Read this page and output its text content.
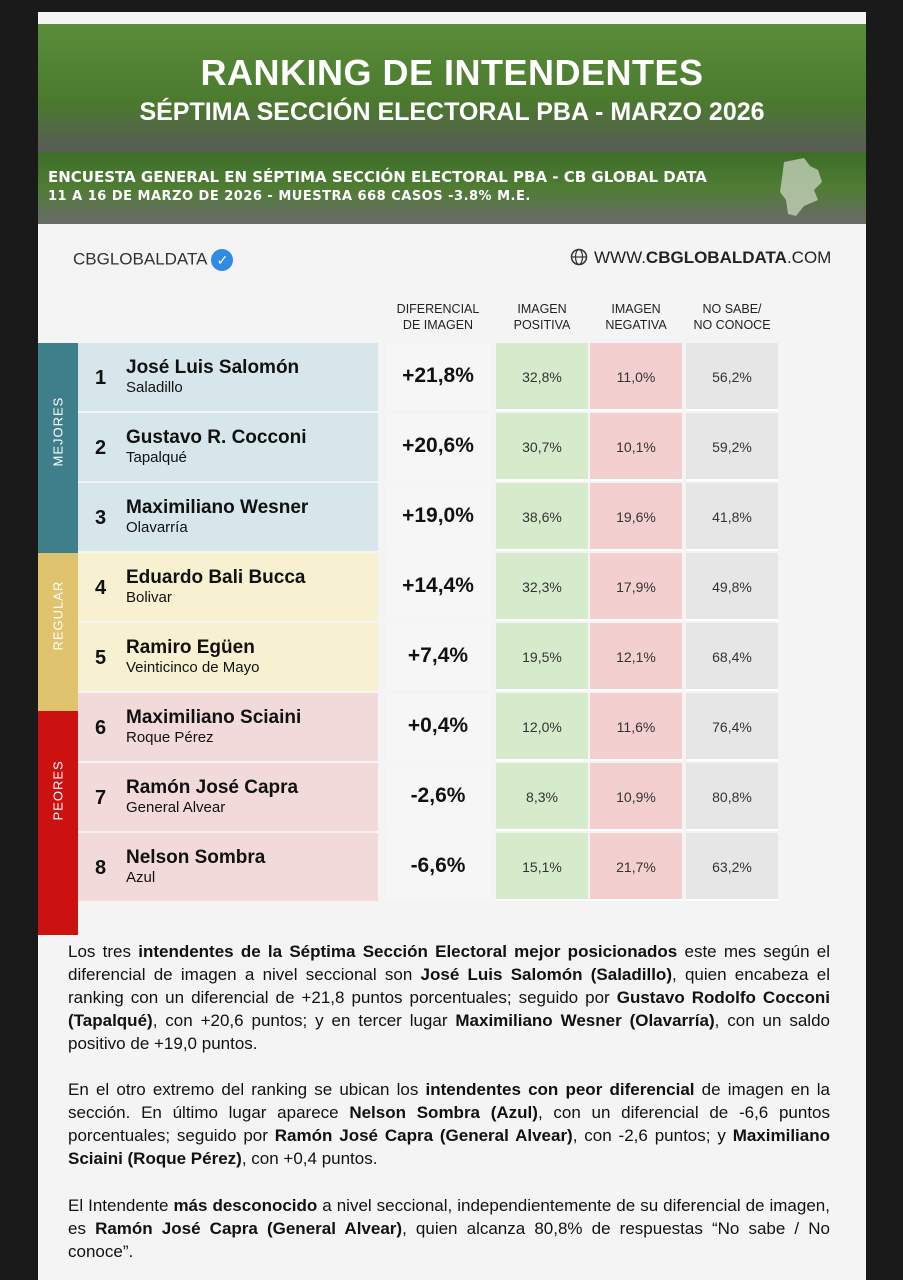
RANKING DE INTENDENTES
SÉPTIMA SECCIÓN ELECTORAL PBA - MARZO 2026
ENCUESTA GENERAL EN SÉPTIMA SECCIÓN ELECTORAL PBA - CB GLOBAL DATA
11 A 16 DE MARZO DE 2026 - MUESTRA 668 CASOS -3.8% M.E.
CBGLOBALDATA ✓	WWW.CBGLOBALDATA.COM
DIFERENCIAL
DE IMAGEN
IMAGEN
POSITIVA
IMAGEN
NEGATIVA
NO SABE/
NO CONOCE
MEJORES
REGULAR
PEORES
1 José Luis Salomón
Saladillo
+21,8%	32,8%	11,0%	56,2%
2 Gustavo R. Cocconi
Tapalqué
+20,6%	30,7%	10,1%	59,2%
3 Maximiliano Wesner
Olavarría
+19,0%	38,6%	19,6%	41,8%
4 Eduardo Bali Bucca
Bolivar
+14,4%	32,3%	17,9%	49,8%
5 Ramiro Egüen
Veinticinco de Mayo
+7,4%	19,5%	12,1%	68,4%
6 Maximiliano Sciaini
Roque Pérez
+0,4%	12,0%	11,6%	76,4%
7 Ramón José Capra
General Alvear
-2,6%	8,3%	10,9%	80,8%
8 Nelson Sombra
Azul
-6,6%	15,1%	21,7%	63,2%
Los tres intendentes de la Séptima Sección Electoral mejor posicionados este mes según el diferencial de imagen a nivel seccional son José Luis Salomón (Saladillo), quien encabeza el ranking con un diferencial de +21,8 puntos porcentuales; seguido por Gustavo Rodolfo Cocconi (Tapalqué), con +20,6 puntos; y en tercer lugar Maximiliano Wesner (Olavarría), con un saldo positivo de +19,0 puntos.
En el otro extremo del ranking se ubican los intendentes con peor diferencial de imagen en la sección. En último lugar aparece Nelson Sombra (Azul), con un diferencial de -6,6 puntos porcentuales; seguido por Ramón José Capra (General Alvear), con -2,6 puntos; y Maximiliano Sciaini (Roque Pérez), con +0,4 puntos.
El Intendente más desconocido a nivel seccional, independientemente de su diferencial de imagen, es Ramón José Capra (General Alvear), quien alcanza 80,8% de respuestas “No sabe / No conoce”.
